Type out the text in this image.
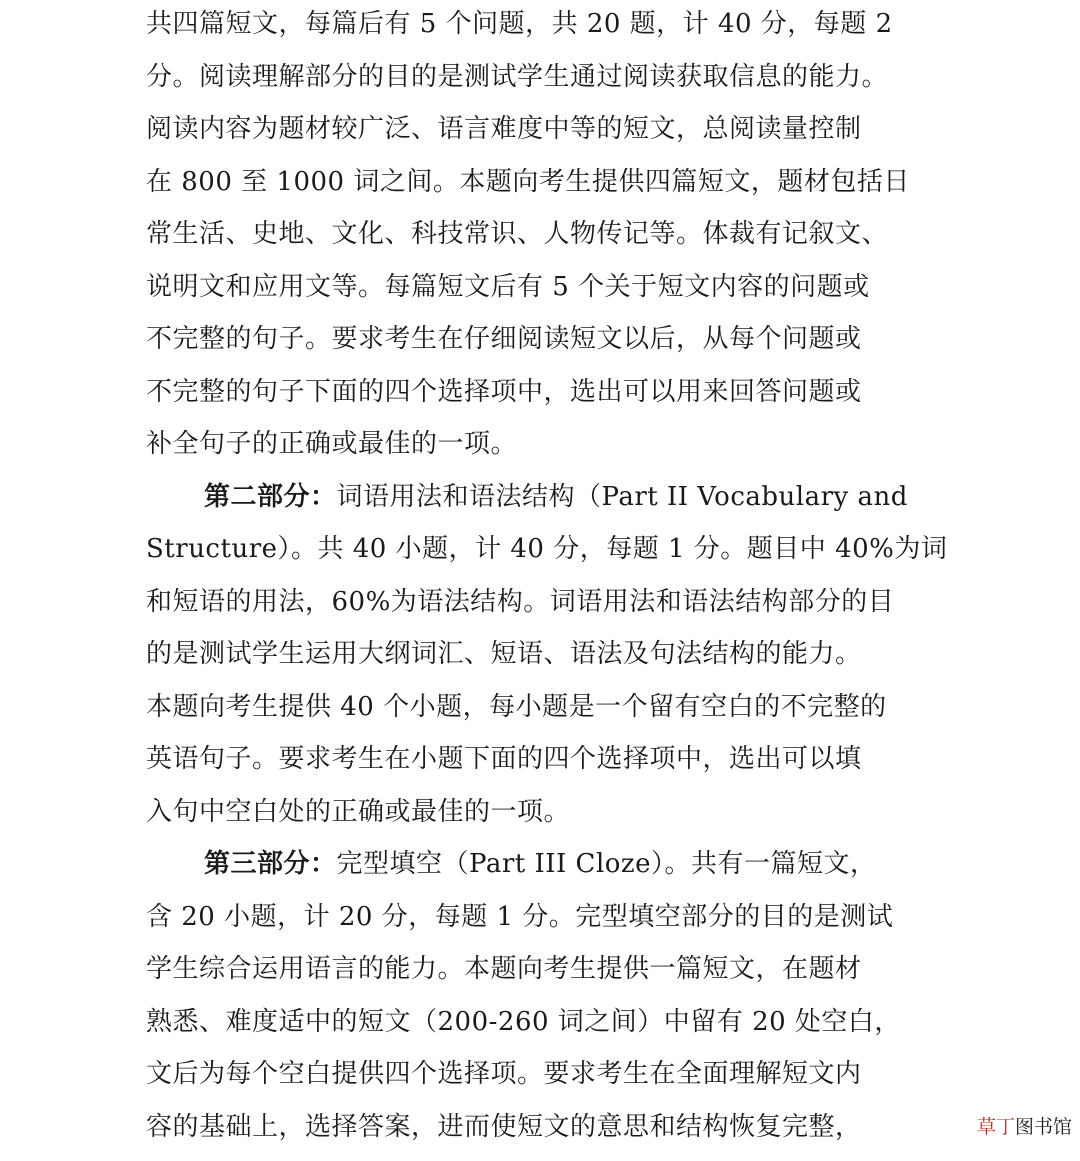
共四篇短文，每篇后有 5 个问题，共 20 题，计 40 分，每题 2
分。阅读理解部分的目的是测试学生通过阅读获取信息的能力。
阅读内容为题材较广泛、语言难度中等的短文，总阅读量控制
在 800 至 1000 词之间。本题向考生提供四篇短文，题材包括日
常生活、史地、文化、科技常识、人物传记等。体裁有记叙文、
说明文和应用文等。每篇短文后有 5 个关于短文内容的问题或
不完整的句子。要求考生在仔细阅读短文以后，从每个问题或
不完整的句子下面的四个选择项中，选出可以用来回答问题或
补全句子的正确或最佳的一项。
第二部分：词语用法和语法结构（Part II Vocabulary and
Structure）。共 40 小题，计 40 分，每题 1 分。题目中 40%为词
和短语的用法，60%为语法结构。词语用法和语法结构部分的目
的是测试学生运用大纲词汇、短语、语法及句法结构的能力。
本题向考生提供 40 个小题，每小题是一个留有空白的不完整的
英语句子。要求考生在小题下面的四个选择项中，选出可以填
入句中空白处的正确或最佳的一项。
第三部分：完型填空（Part III Cloze）。共有一篇短文，
含 20 小题，计 20 分，每题 1 分。完型填空部分的目的是测试
学生综合运用语言的能力。本题向考生提供一篇短文，在题材
熟悉、难度适中的短文（200-260 词之间）中留有 20 处空白，
文后为每个空白提供四个选择项。要求考生在全面理解短文内
容的基础上，选择答案，进而使短文的意思和结构恢复完整，	草丁图书馆
